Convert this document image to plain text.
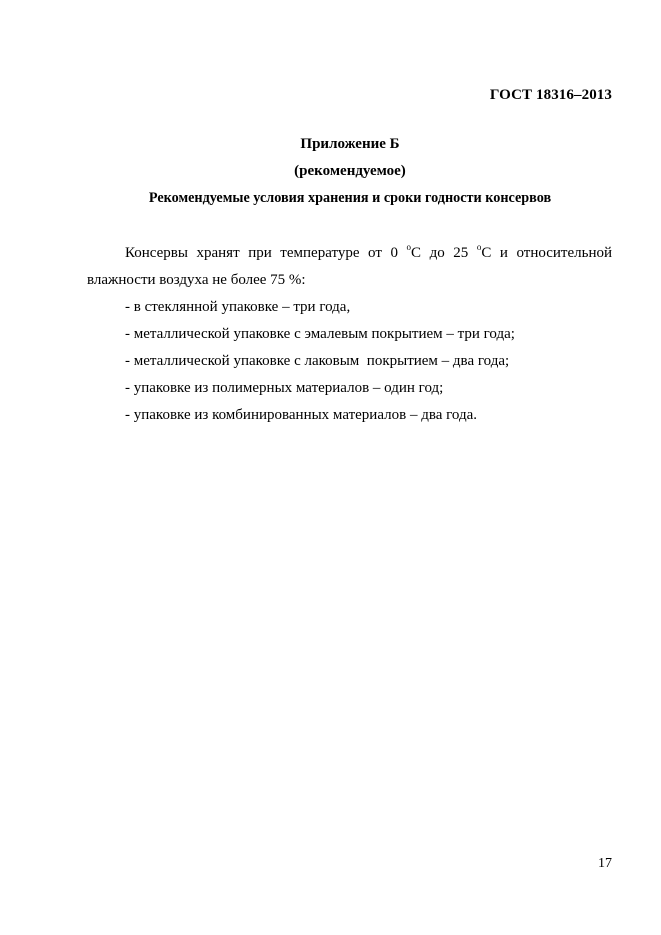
ГОСТ 18316–2013
Приложение Б
(рекомендуемое)
Рекомендуемые условия хранения и сроки годности консервов
Консервы хранят при температуре от 0 $^о$С до 25 $^о$С и относительной
влажности воздуха не более 75 %:
- в стеклянной упаковке – три года,
- металлической упаковке с эмалевым покрытием – три года;
- металлической упаковке с лаковым  покрытием – два года;
- упаковке из полимерных материалов – один год;
- упаковке из комбинированных материалов – два года.
17
